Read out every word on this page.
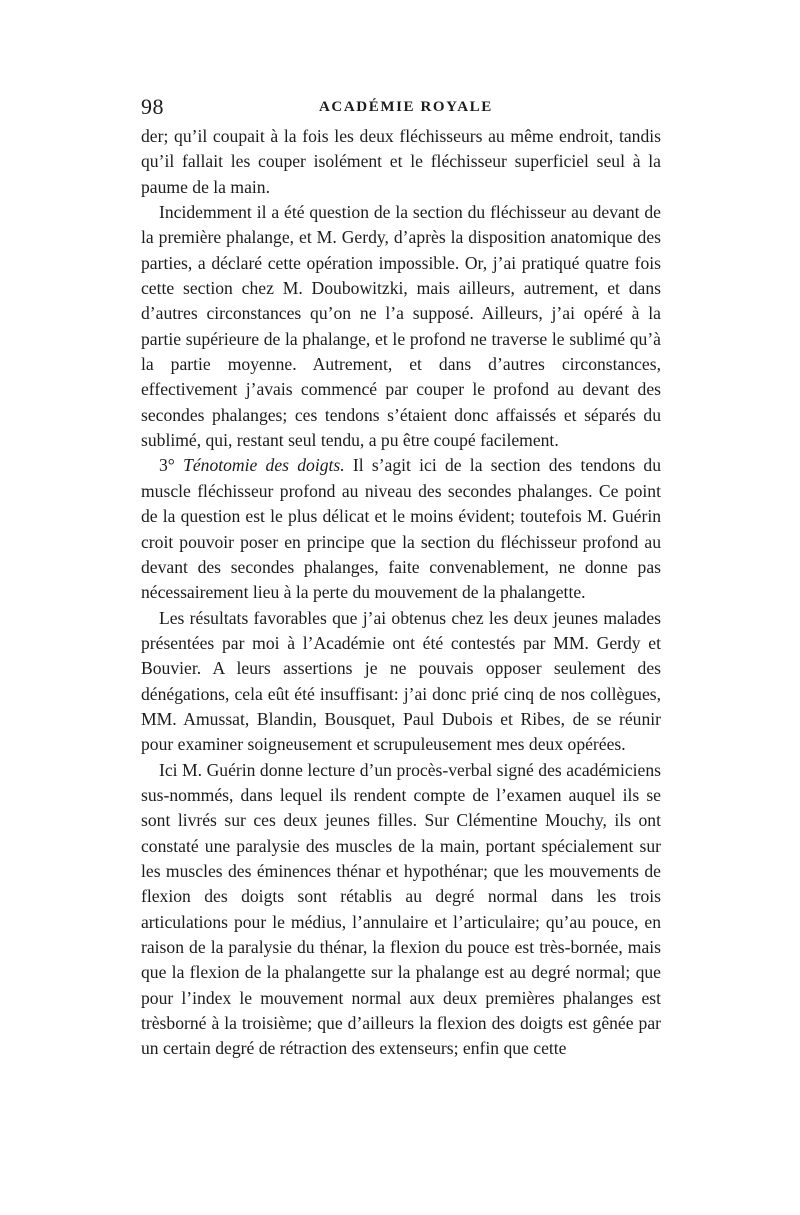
98	ACADÉMIE ROYALE

der; qu’il coupait à la fois les deux fléchisseurs au même endroit, tandis qu’il fallait les couper isolément et le fléchisseur superficiel seul à la paume de la main.

Incidemment il a été question de la section du fléchisseur au devant de la première phalange, et M. Gerdy, d’après la disposition anatomique des parties, a déclaré cette opération impossible. Or, j’ai pratiqué quatre fois cette section chez M. Doubowitzki, mais ailleurs, autrement, et dans d’autres circonstances qu’on ne l’a supposé. Ailleurs, j’ai opéré à la partie supérieure de la phalange, et le profond ne traverse le sublimé qu’à la partie moyenne. Autrement, et dans d’autres circonstances, effectivement j’avais commencé par couper le profond au devant des secondes phalanges; ces tendons s’étaient donc affaissés et séparés du sublimé, qui, restant seul tendu, a pu être coupé facilement.

3° Ténotomie des doigts. Il s’agit ici de la section des tendons du muscle fléchisseur profond au niveau des secondes phalanges. Ce point de la question est le plus délicat et le moins évident; toutefois M. Guérin croit pouvoir poser en principe que la section du fléchisseur profond au devant des secondes phalanges, faite convenablement, ne donne pas nécessairement lieu à la perte du mouvement de la phalangette.

Les résultats favorables que j’ai obtenus chez les deux jeunes malades présentées par moi à l’Académie ont été contestés par MM. Gerdy et Bouvier. A leurs assertions je ne pouvais opposer seulement des dénégations, cela eût été insuffisant: j’ai donc prié cinq de nos collègues, MM. Amussat, Blandin, Bousquet, Paul Dubois et Ribes, de se réunir pour examiner soigneusement et scrupuleusement mes deux opérées.

Ici M. Guérin donne lecture d’un procès-verbal signé des académiciens sus-nommés, dans lequel ils rendent compte de l’examen auquel ils se sont livrés sur ces deux jeunes filles. Sur Clémentine Mouchy, ils ont constaté une paralysie des muscles de la main, portant spécialement sur les muscles des éminences thénar et hypothénar; que les mouvements de flexion des doigts sont rétablis au degré normal dans les trois articulations pour le médius, l’annulaire et l’articulaire; qu’au pouce, en raison de la paralysie du thénar, la flexion du pouce est très-bornée, mais que la flexion de la phalangette sur la phalange est au degré normal; que pour l’index le mouvement normal aux deux premières phalanges est trèsborné à la troisième; que d’ailleurs la flexion des doigts est gênée par un certain degré de rétraction des extenseurs; enfin que cette
